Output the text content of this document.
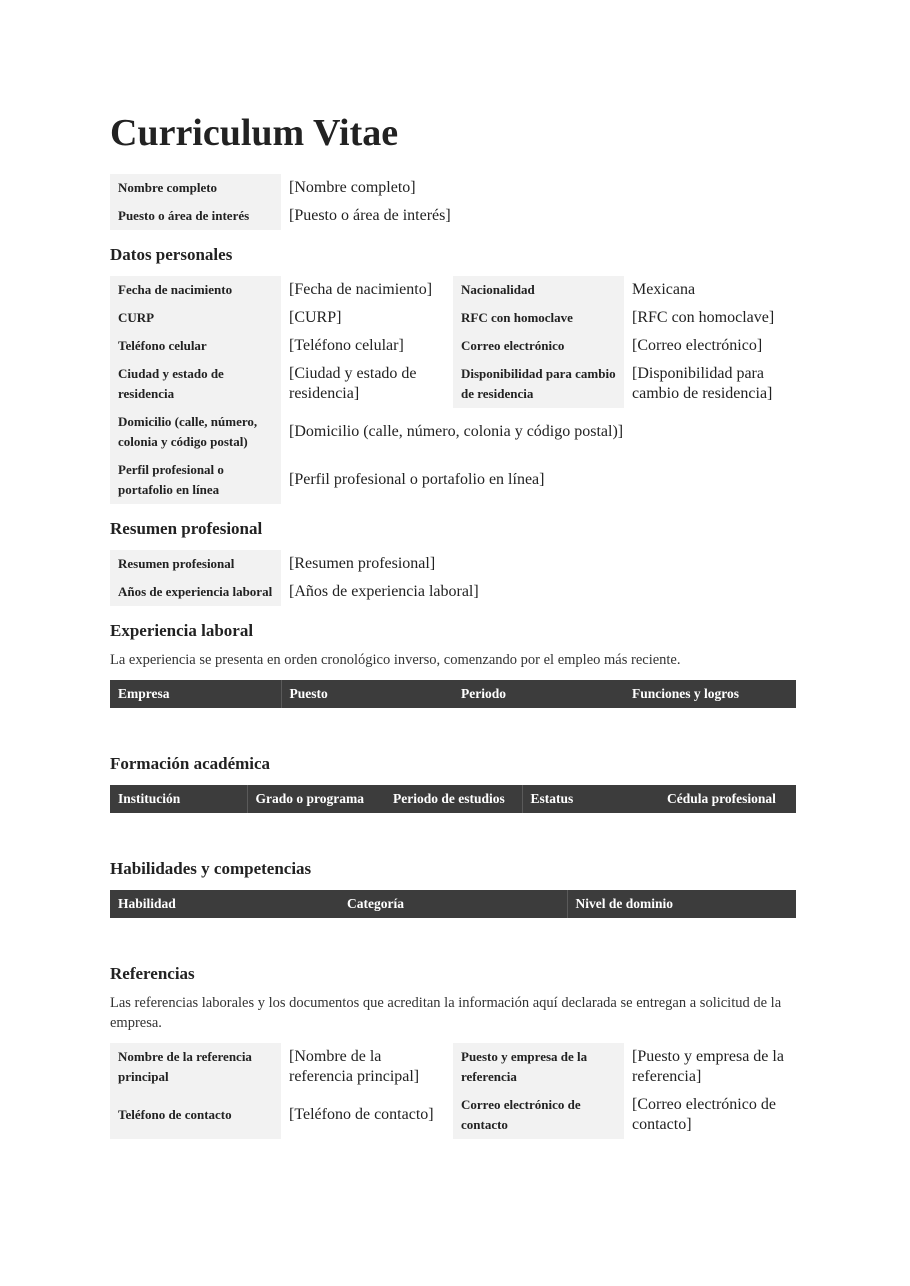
Curriculum Vitae
Nombre completo	[Nombre completo]
Puesto o área de interés	[Puesto o área de interés]
Datos personales
Fecha de nacimiento	[Fecha de nacimiento]	Nacionalidad	Mexicana
CURP	[CURP]	RFC con homoclave	[RFC con homoclave]
Teléfono celular	[Teléfono celular]	Correo electrónico	[Correo electrónico]
Ciudad y estado de residencia	[Ciudad y estado de residencia]	Disponibilidad para cambio de residencia	[Disponibilidad para cambio de residencia]
Domicilio (calle, número, colonia y código postal)	[Domicilio (calle, número, colonia y código postal)]		
Perfil profesional o portafolio en línea	[Perfil profesional o portafolio en línea]		
Resumen profesional
Resumen profesional	[Resumen profesional]
Años de experiencia laboral	[Años de experiencia laboral]
Experiencia laboral
La experiencia se presenta en orden cronológico inverso, comenzando por el empleo más reciente.
Empresa	Puesto	Periodo	Funciones y logros
Formación académica
Institución	Grado o programa	Periodo de estudios	Estatus	Cédula profesional
Habilidades y competencias
Habilidad	Categoría	Nivel de dominio
Referencias
Las referencias laborales y los documentos que acreditan la información aquí declarada se entregan a solicitud de la empresa.
Nombre de la referencia principal	[Nombre de la referencia principal]	Puesto y empresa de la referencia	[Puesto y empresa de la referencia]
Teléfono de contacto	[Teléfono de contacto]	Correo electrónico de contacto	[Correo electrónico de contacto]
